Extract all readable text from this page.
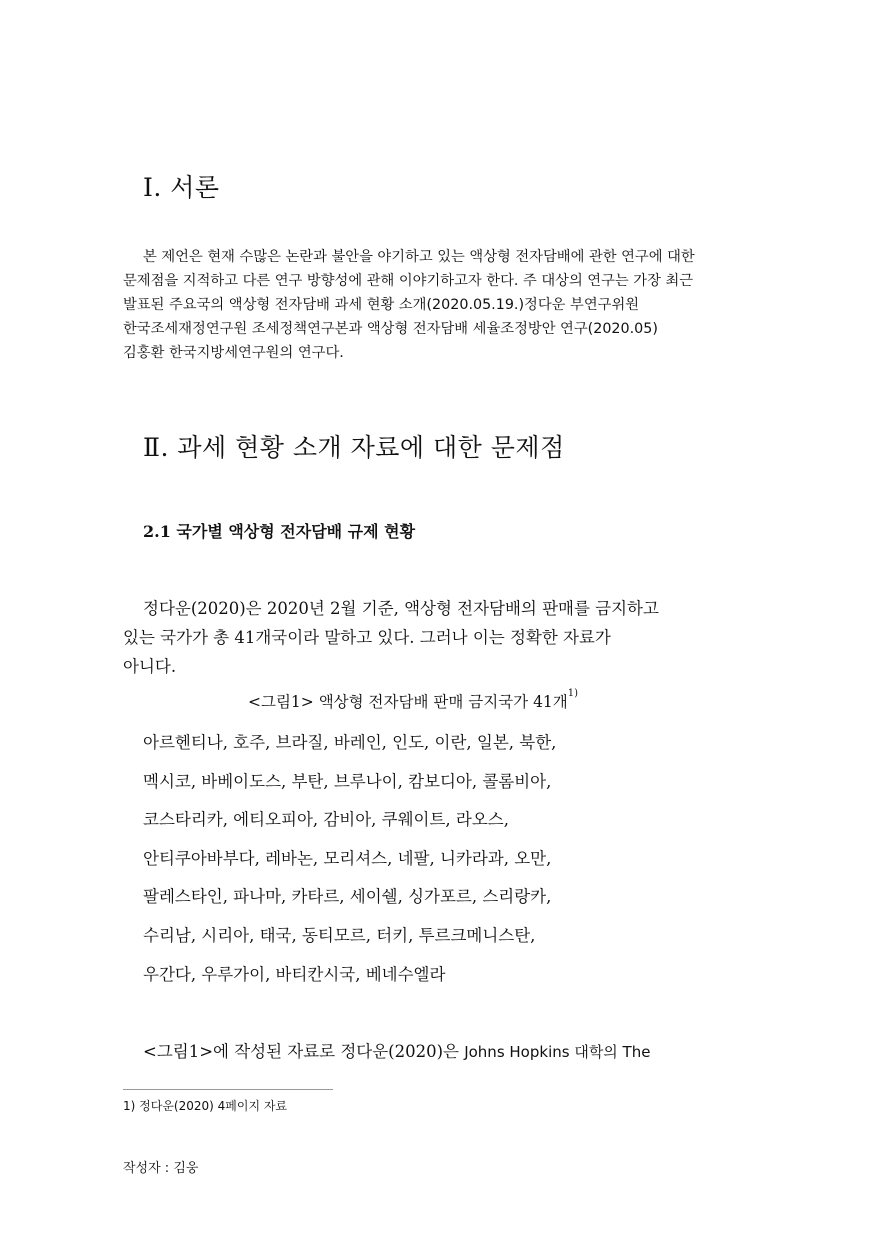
Ⅰ. 서론
본 제언은 현재 수많은 논란과 불안을 야기하고 있는 액상형 전자담배에 관한 연구에 대한
문제점을 지적하고 다른 연구 방향성에 관해 이야기하고자 한다. 주 대상의 연구는 가장 최근
발표된 주요국의 액상형 전자담배 과세 현황 소개(2020.05.19.)정다운 부연구위원
한국조세재정연구원 조세정책연구본과 액상형 전자담배 세율조정방안 연구(2020.05)
김홍환 한국지방세연구원의 연구다.
Ⅱ. 과세 현황 소개 자료에 대한 문제점
2.1 국가별 액상형 전자담배 규제 현황
정다운(2020)은 2020년 2월 기준, 액상형 전자담배의 판매를 금지하고
있는 국가가 총 41개국이라 말하고 있다. 그러나 이는 정확한 자료가
아니다.

<그림1> 액상형 전자담배 판매 금지국가 41개$^{1)}$

아르헨티나, 호주, 브라질, 바레인, 인도, 이란, 일본, 북한,
멕시코, 바베이도스, 부탄, 브루나이, 캄보디아, 콜롬비아,
코스타리카, 에티오피아, 감비아, 쿠웨이트, 라오스,
안티쿠아바부다, 레바논, 모리셔스, 네팔, 니카라과, 오만,
팔레스타인, 파나마, 카타르, 세이쉘, 싱가포르, 스리랑카,
수리남, 시리아, 태국, 동티모르, 터키, 투르크메니스탄,
우간다, 우루가이, 바티칸시국, 베네수엘라

<그림1>에 작성된 자료로 정다운(2020)은 Johns Hopkins 대학의 The

1) 정다운(2020) 4페이지 자료

작성자 : 김웅
